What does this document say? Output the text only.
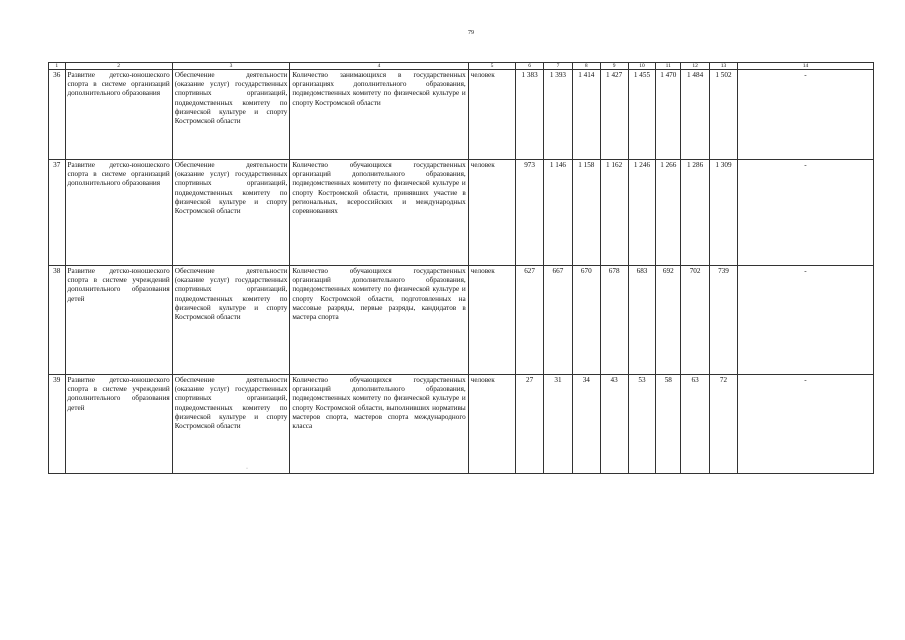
79
1	2	3	4	5	6	7	8	9	10	11	12	13	14
36	Развитие детско-юношеского спорта в системе организаций дополнительного образования	Обеспечение деятельности (оказание услуг) государственных спортивных организаций, подведомственных комитету по физической культуре и спорту Костромской области	Количество занимающихся в государственных организациях дополнительного образования, подведомственных комитету по физической культуре и спорту Костромской области	человек	1 383	1 393	1 414	1 427	1 455	1 470	1 484	1 502	-
37	Развитие детско-юношеского спорта в системе организаций дополнительного образования	Обеспечение деятельности (оказание услуг) государственных спортивных организаций, подведомственных комитету по физической культуре и спорту Костромской области	Количество обучающихся государственных организаций дополнительного образования, подведомственных комитету по физической культуре и спорту Костромской области, принявших участие в региональных, всероссийских и международных соревнованиях	человек	973	1 146	1 158	1 162	1 246	1 266	1 286	1 309	-
38	Развитие детско-юношеского спорта в системе учреждений дополнительного образования детей	Обеспечение деятельности (оказание услуг) государственных спортивных организаций, подведомственных комитету по физической культуре и спорту Костромской области	Количество обучающихся государственных организаций дополнительного образования, подведомственных комитету по физической культуре и спорту Костромской области, подготовленных на массовые разряды, первые разряды, кандидатов в мастера спорта	человек	627	667	670	678	683	692	702	739	-
39	Развитие детско-юношеского спорта в системе учреждений дополнительного образования детей	Обеспечение деятельности (оказание услуг) государственных спортивных организаций, подведомственных комитету по физической культуре и спорту Костромской области	Количество обучающихся государственных организаций дополнительного образования, подведомственных комитету по физической культуре и спорту Костромской области, выполнивших нормативы мастеров спорта, мастеров спорта международного класса	человек	27	31	34	43	53	58	63	72	-
·
